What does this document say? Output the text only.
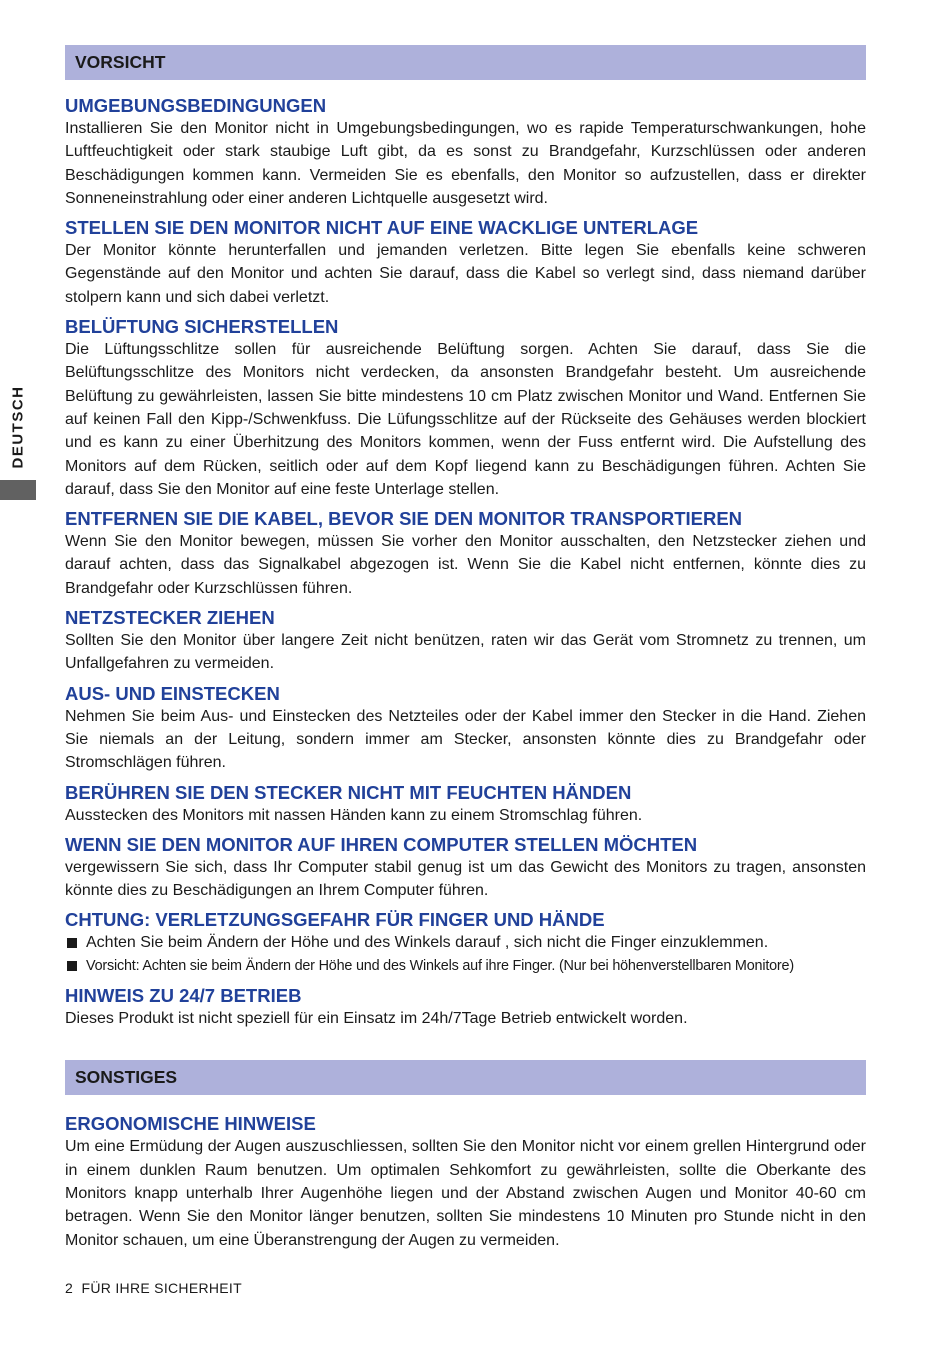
DEUTSCH
VORSICHT

UMGEBUNGSBEDINGUNGEN

Installieren Sie den Monitor nicht in Umgebungsbedingungen, wo es rapide Temperaturschwankungen, hohe Luftfeuchtigkeit oder stark staubige Luft gibt, da es sonst zu Brandgefahr, Kurzschlüssen oder anderen Beschädigungen kommen kann. Vermeiden Sie es ebenfalls, den Monitor so aufzustellen, dass er direkter Sonneneinstrahlung oder einer anderen Lichtquelle ausgesetzt wird.

STELLEN SIE DEN MONITOR NICHT AUF EINE WACKLIGE UNTERLAGE

Der Monitor könnte herunterfallen und jemanden verletzen. Bitte legen Sie ebenfalls keine schweren Gegenstände auf den Monitor und achten Sie darauf, dass die Kabel so verlegt sind, dass niemand darüber stolpern kann und sich dabei verletzt.

BELÜFTUNG SICHERSTELLEN

Die Lüftungsschlitze sollen für ausreichende Belüftung sorgen. Achten Sie darauf, dass Sie die Belüftungsschlitze des Monitors nicht verdecken, da ansonsten Brandgefahr besteht. Um ausreichende Belüftung zu gewährleisten, lassen Sie bitte mindestens 10 cm Platz zwischen Monitor und Wand. Entfernen Sie auf keinen Fall den Kipp-/Schwenkfuss. Die Lüfungsschlitze auf der Rückseite des Gehäuses werden blockiert und es kann zu einer Überhitzung des Monitors kommen, wenn der Fuss entfernt wird. Die Aufstellung des Monitors auf dem Rücken, seitlich oder auf dem Kopf liegend kann zu Beschädigungen führen. Achten Sie darauf, dass Sie den Monitor auf eine feste Unterlage stellen.

ENTFERNEN SIE DIE KABEL, BEVOR SIE DEN MONITOR TRANSPORTIEREN

Wenn Sie den Monitor bewegen, müssen Sie vorher den Monitor ausschalten, den Netzstecker ziehen und darauf achten, dass das Signalkabel abgezogen ist. Wenn Sie die Kabel nicht entfernen, könnte dies zu Brandgefahr oder Kurzschlüssen führen.

NETZSTECKER ZIEHEN

Sollten Sie den Monitor über langere Zeit nicht benützen, raten wir das Gerät vom Stromnetz zu trennen, um Unfallgefahren zu vermeiden.

AUS- UND EINSTECKEN

Nehmen Sie beim Aus- und Einstecken des Netzteiles oder der Kabel immer den Stecker in die Hand. Ziehen Sie niemals an der Leitung, sondern immer am Stecker, ansonsten könnte dies zu Brandgefahr oder Stromschlägen führen.

BERÜHREN SIE DEN STECKER NICHT MIT FEUCHTEN HÄNDEN

Ausstecken des Monitors mit nassen Händen kann zu einem Stromschlag führen.

WENN SIE DEN MONITOR AUF IHREN COMPUTER STELLEN MÖCHTEN

vergewissern Sie sich, dass Ihr Computer stabil genug ist um das Gewicht des Monitors zu tragen, ansonsten könnte dies zu Beschädigungen an Ihrem Computer führen.

CHTUNG: VERLETZUNGSGEFAHR FÜR FINGER UND HÄNDE

Achten Sie beim Ändern der Höhe und des Winkels darauf , sich nicht die Finger einzuklemmen.
Vorsicht: Achten sie beim Ändern der Höhe und des Winkels auf ihre Finger. (Nur bei höhenverstellbaren Monitore)

HINWEIS ZU 24/7 BETRIEB

Dieses Produkt ist nicht speziell für ein Einsatz im 24h/7Tage Betrieb entwickelt worden.

SONSTIGES

ERGONOMISCHE HINWEISE

Um eine Ermüdung der Augen auszuschliessen, sollten Sie den Monitor nicht vor einem grellen Hintergrund oder in einem dunklen Raum benutzen. Um optimalen Sehkomfort zu gewährleisten, sollte die Oberkante des Monitors knapp unterhalb Ihrer Augenhöhe liegen und der Abstand zwischen Augen und Monitor 40-60 cm betragen. Wenn Sie den Monitor länger benutzen, sollten Sie mindestens 10 Minuten pro Stunde nicht in den Monitor schauen, um eine Überanstrengung der Augen zu vermeiden.

2 FÜR IHRE SICHERHEIT
